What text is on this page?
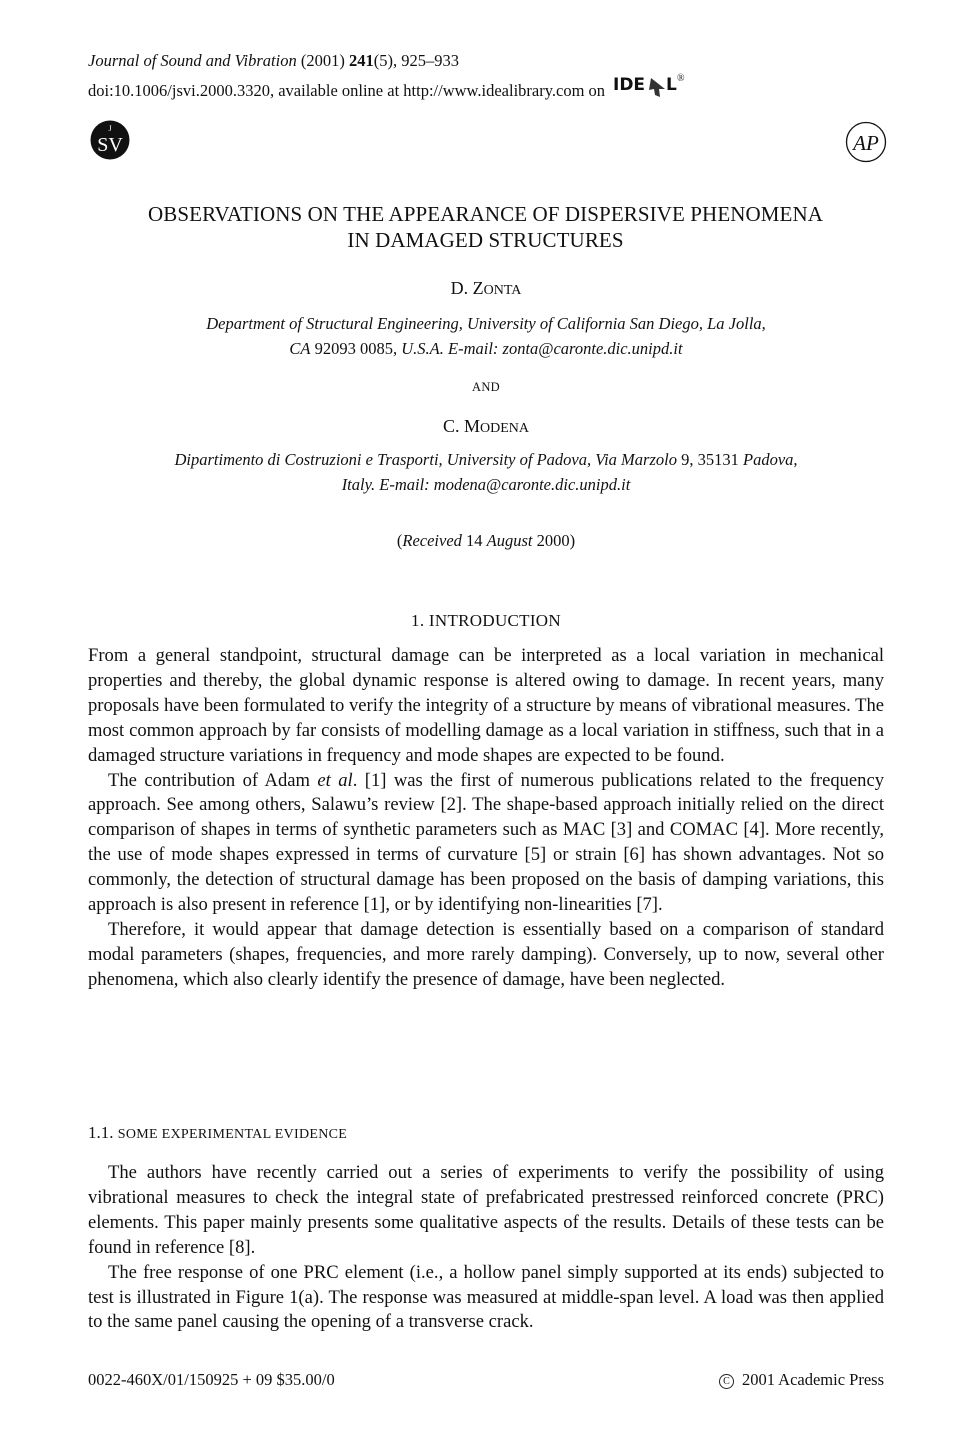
Journal of Sound and Vibration (2001) 241(5), 925–933
doi:10.1006/jsvi.2000.3320, available online at http://www.idealibrary.com on IDE L ®
J
SV	AP
OBSERVATIONS ON THE APPEARANCE OF DISPERSIVE PHENOMENA
IN DAMAGED STRUCTURES
D. ZONTA
Department of Structural Engineering, University of California San Diego, La Jolla,
CA 92093 0085, U.S.A. E-mail: zonta@caronte.dic.unipd.it
AND
C. MODENA
Dipartimento di Costruzioni e Trasporti, University of Padova, Via Marzolo 9, 35131 Padova,
Italy. E-mail: modena@caronte.dic.unipd.it
(Received 14 August 2000)
1. INTRODUCTION

From a general standpoint, structural damage can be interpreted as a local variation in mechanical properties and thereby, the global dynamic response is altered owing to damage. In recent years, many proposals have been formulated to verify the integrity of a structure by means of vibrational measures. The most common approach by far consists of modelling damage as a local variation in stiffness, such that in a damaged structure variations in frequency and mode shapes are expected to be found.

The contribution of Adam et al. [1] was the first of numerous publications related to the frequency approach. See among others, Salawu’s review [2]. The shape-based approach initially relied on the direct comparison of shapes in terms of synthetic parameters such as MAC [3] and COMAC [4]. More recently, the use of mode shapes expressed in terms of curvature [5] or strain [6] has shown advantages. Not so commonly, the detection of structural damage has been proposed on the basis of damping variations, this approach is also present in reference [1], or by identifying non-linearities [7].

Therefore, it would appear that damage detection is essentially based on a comparison of standard modal parameters (shapes, frequencies, and more rarely damping). Conversely, up to now, several other phenomena, which also clearly identify the presence of damage, have been neglected.

1.1. SOME EXPERIMENTAL EVIDENCE

The authors have recently carried out a series of experiments to verify the possibility of using vibrational measures to check the integral state of prefabricated prestressed reinforced concrete (PRC) elements. This paper mainly presents some qualitative aspects of the results. Details of these tests can be found in reference [8].

The free response of one PRC element (i.e., a hollow panel simply supported at its ends) subjected to test is illustrated in Figure 1(a). The response was measured at middle-span level. A load was then applied to the same panel causing the opening of a transverse crack.

0022-460X/01/150925 + 09 $35.00/0	C 2001 Academic Press
